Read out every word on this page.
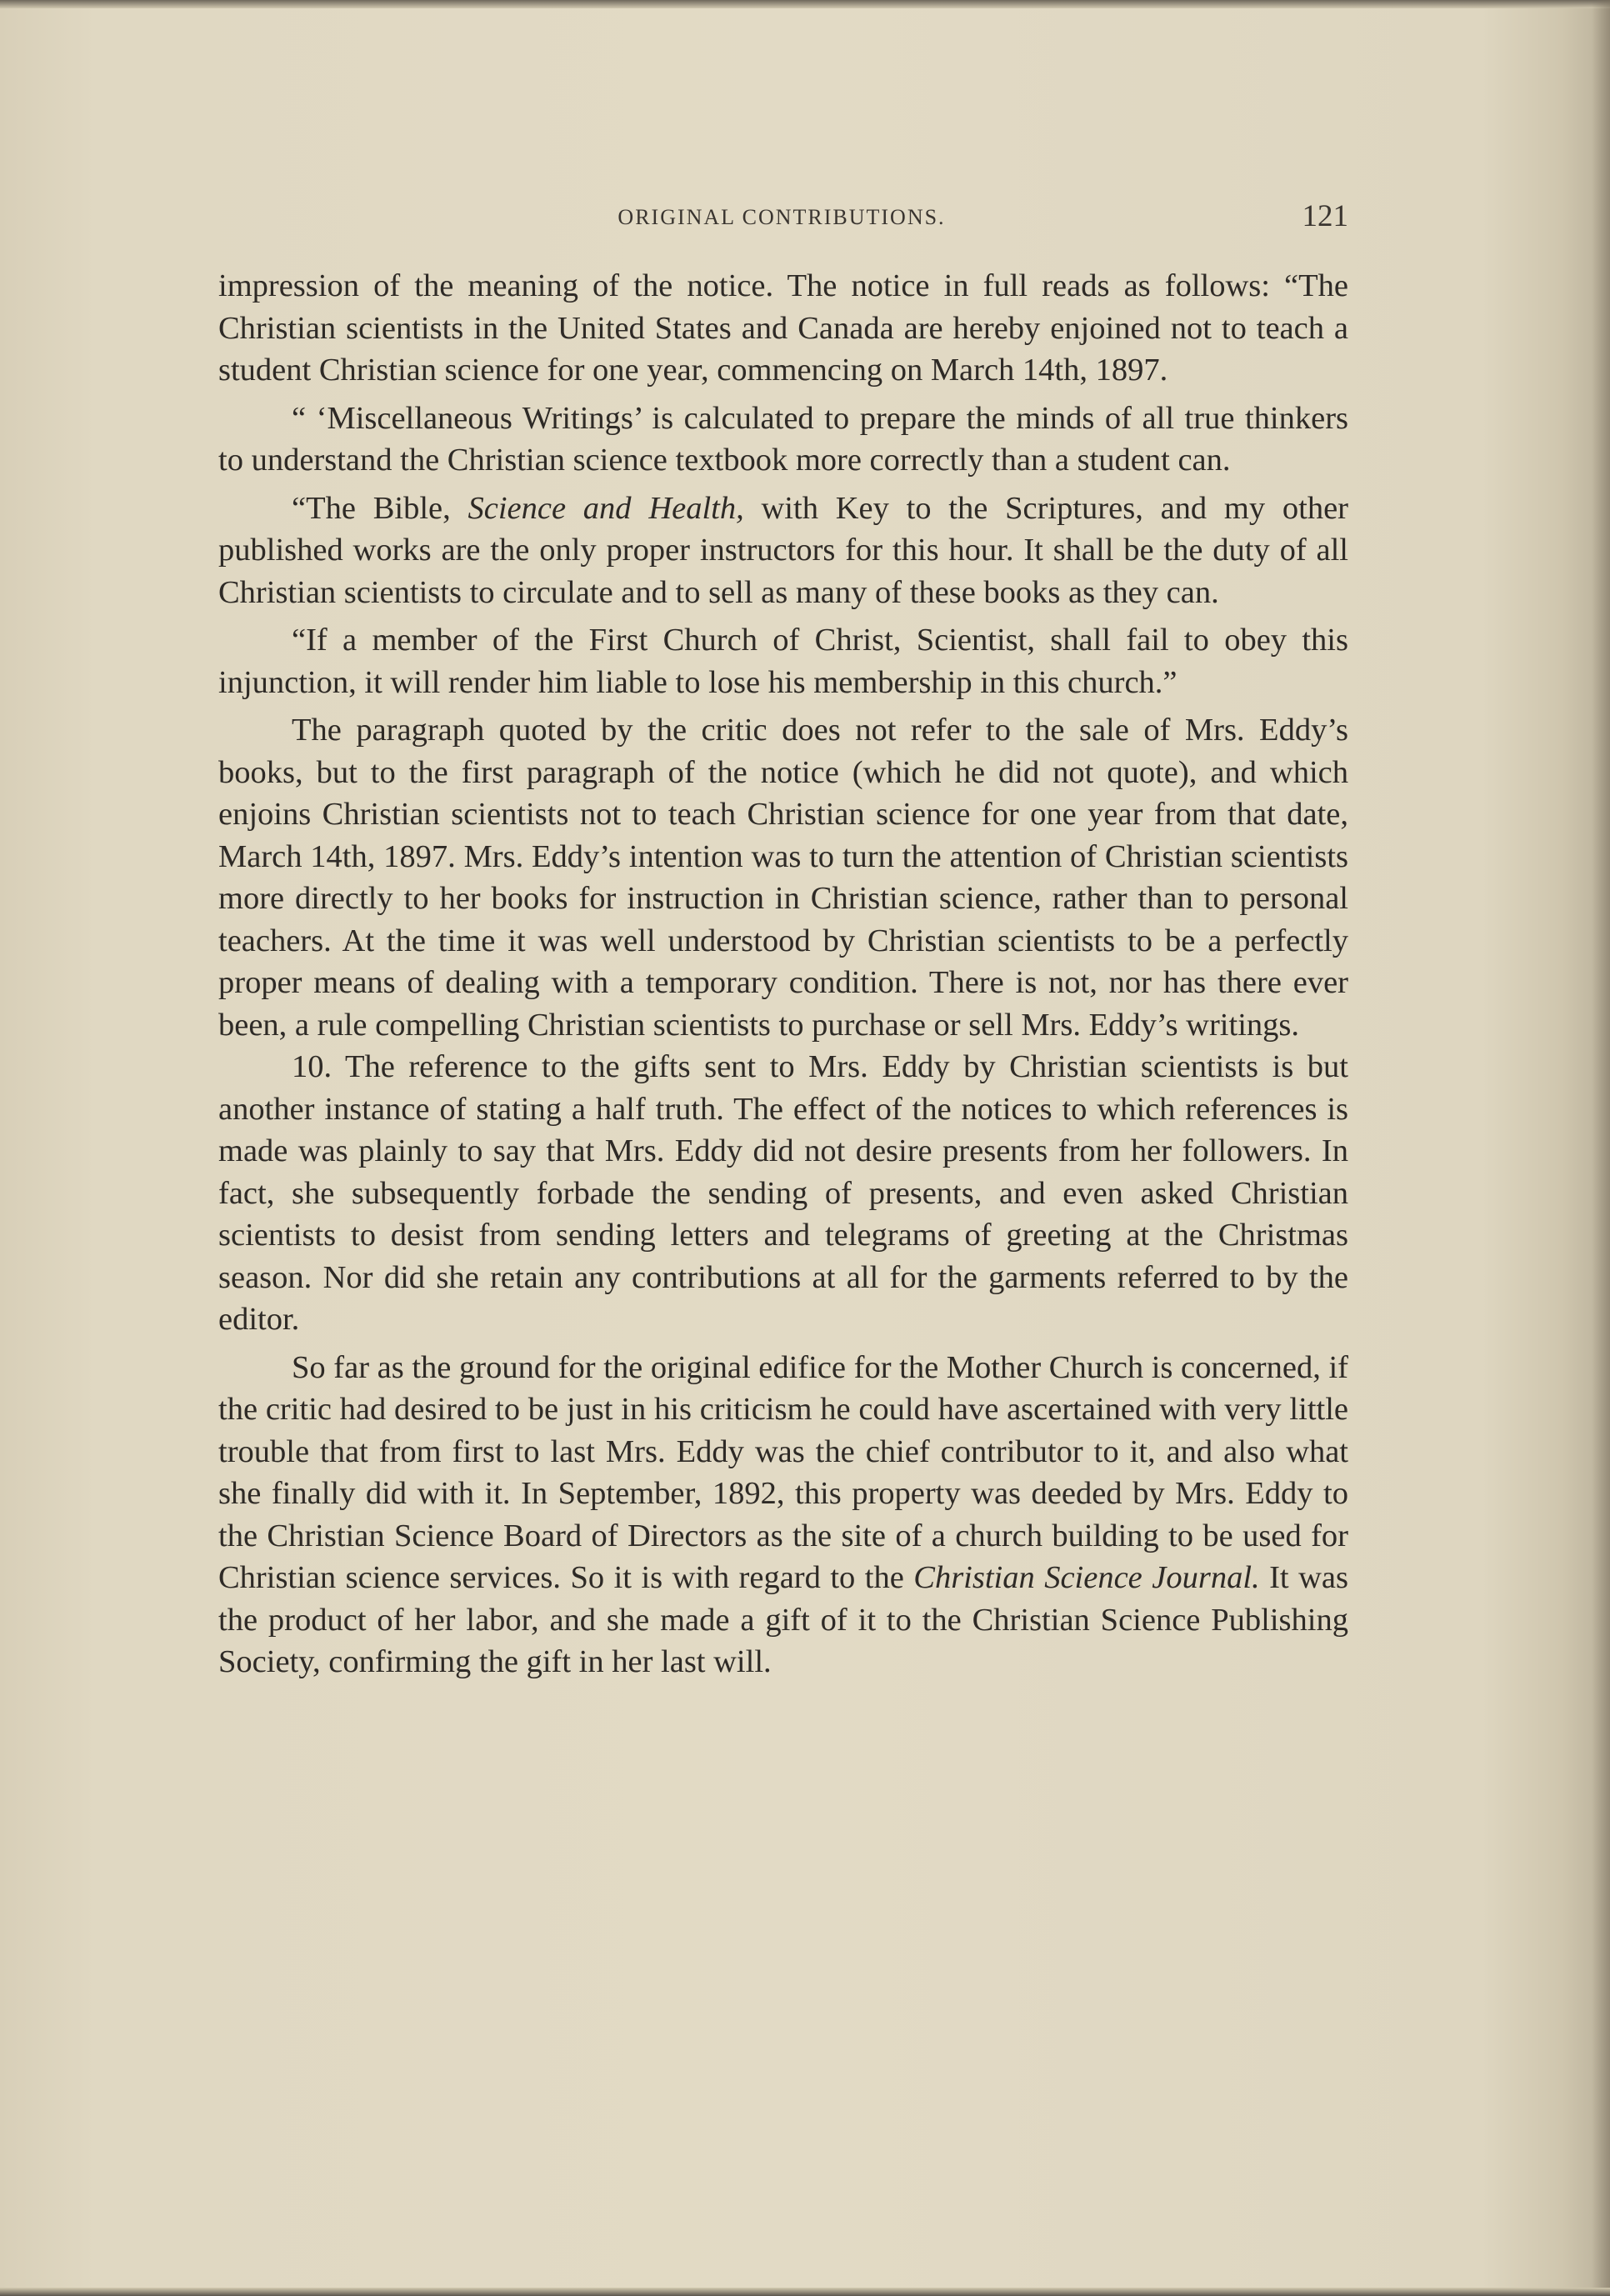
ORIGINAL CONTRIBUTIONS.	121

impression of the meaning of the notice. The notice in full reads as follows: “The Christian scientists in the United States and Canada are hereby enjoined not to teach a student Christian science for one year, commencing on March 14th, 1897.

“ ‘Miscellaneous Writings’ is calculated to prepare the minds of all true thinkers to understand the Christian science textbook more correctly than a student can.

“The Bible, Science and Health, with Key to the Scriptures, and my other published works are the only proper instructors for this hour. It shall be the duty of all Christian scientists to circulate and to sell as many of these books as they can.

“If a member of the First Church of Christ, Scientist, shall fail to obey this injunction, it will render him liable to lose his membership in this church.”

The paragraph quoted by the critic does not refer to the sale of Mrs. Eddy’s books, but to the first paragraph of the notice (which he did not quote), and which enjoins Christian scientists not to teach Christian science for one year from that date, March 14th, 1897. Mrs. Eddy’s intention was to turn the attention of Christian scientists more directly to her books for instruction in Christian science, rather than to personal teachers. At the time it was well understood by Christian scientists to be a perfectly proper means of dealing with a temporary condition. There is not, nor has there ever been, a rule compelling Christian scientists to purchase or sell Mrs. Eddy’s writings.

10. The reference to the gifts sent to Mrs. Eddy by Christian scientists is but another instance of stating a half truth. The effect of the notices to which references is made was plainly to say that Mrs. Eddy did not desire presents from her followers. In fact, she subsequently forbade the sending of presents, and even asked Christian scientists to desist from sending letters and telegrams of greeting at the Christmas season. Nor did she retain any contributions at all for the garments referred to by the editor.

So far as the ground for the original edifice for the Mother Church is concerned, if the critic had desired to be just in his criticism he could have ascertained with very little trouble that from first to last Mrs. Eddy was the chief contributor to it, and also what she finally did with it. In September, 1892, this property was deeded by Mrs. Eddy to the Christian Science Board of Directors as the site of a church building to be used for Christian science services. So it is with regard to the Christian Science Journal. It was the product of her labor, and she made a gift of it to the Christian Science Publishing Society, confirming the gift in her last will.
